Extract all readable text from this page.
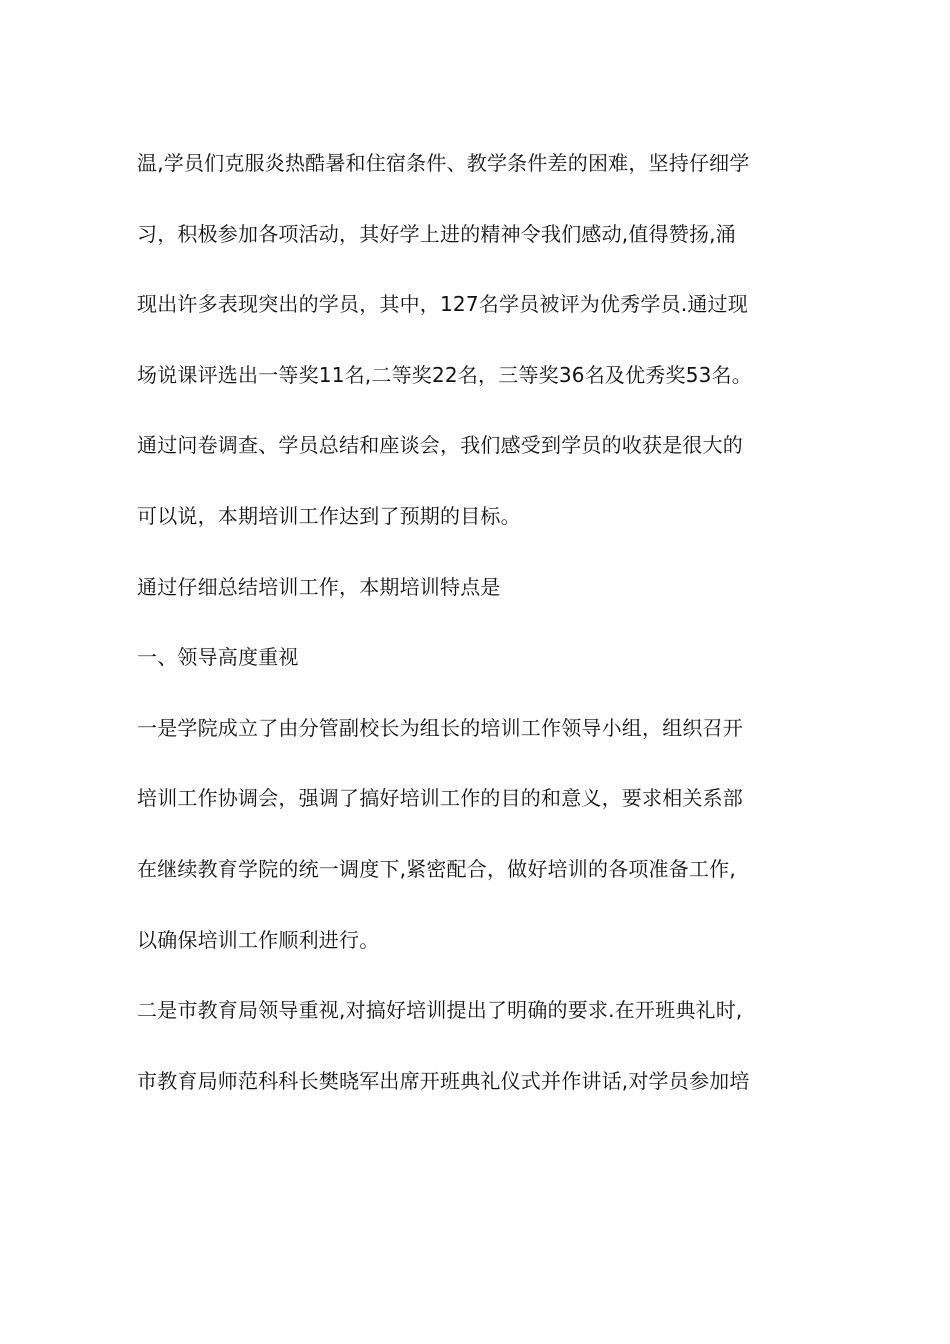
温,学员们克服炎热酷暑和住宿条件、教学条件差的困难，坚持仔细学
习，积极参加各项活动，其好学上进的精神令我们感动,值得赞扬,涌
现出许多表现突出的学员，其中，127名学员被评为优秀学员.通过现
场说课评选出一等奖11名,二等奖22名，三等奖36名及优秀奖53名。
通过问卷调查、学员总结和座谈会，我们感受到学员的收获是很大的
可以说，本期培训工作达到了预期的目标。
通过仔细总结培训工作，本期培训特点是
一、领导高度重视
一是学院成立了由分管副校长为组长的培训工作领导小组，组织召开
培训工作协调会，强调了搞好培训工作的目的和意义，要求相关系部
在继续教育学院的统一调度下,紧密配合，做好培训的各项准备工作,
以确保培训工作顺利进行。
二是市教育局领导重视,对搞好培训提出了明确的要求.在开班典礼时,
市教育局师范科科长樊晓军出席开班典礼仪式并作讲话,对学员参加培
